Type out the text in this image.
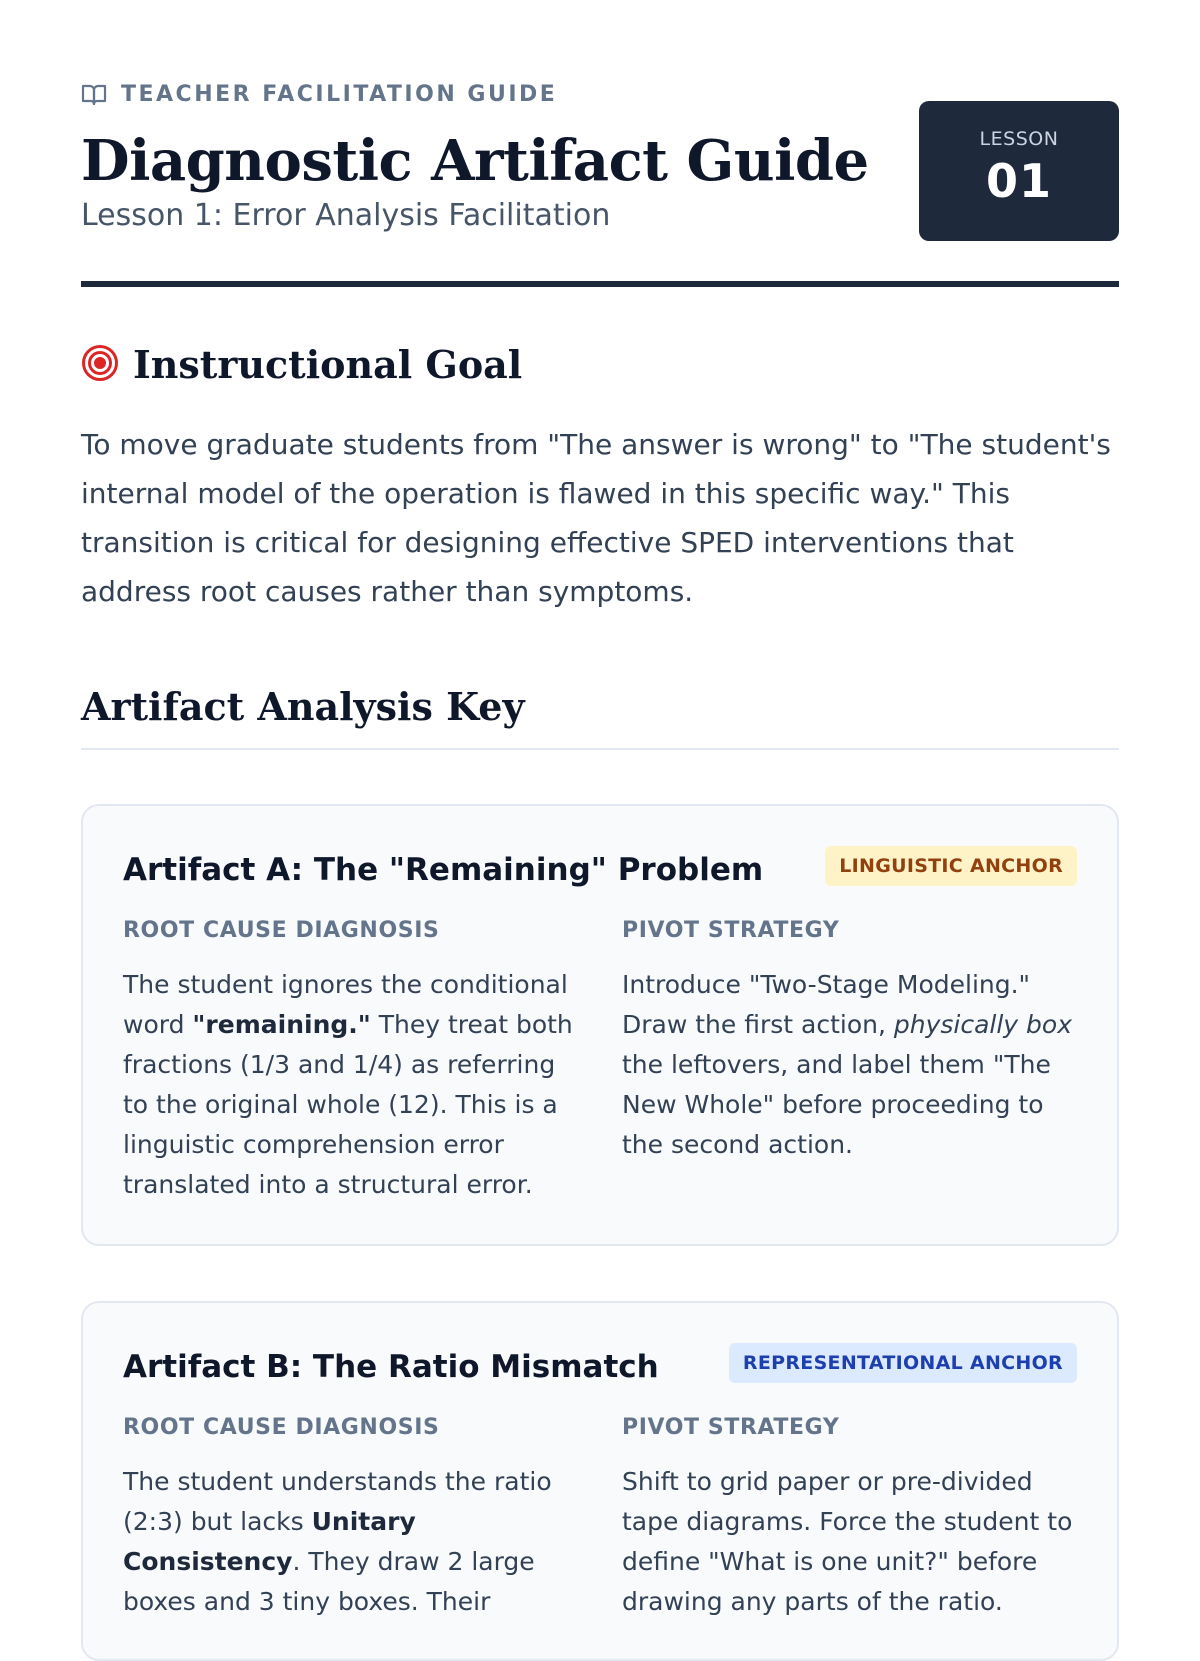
TEACHER FACILITATION GUIDE
Diagnostic Artifact Guide
Lesson 1: Error Analysis Facilitation
LESSON
01
Instructional Goal

To move graduate students from "The answer is wrong" to "The student's internal model of the operation is flawed in this specific way." This transition is critical for designing effective SPED interventions that address root causes rather than symptoms.

Artifact Analysis Key
Artifact A: The "Remaining" Problem	LINGUISTIC ANCHOR
ROOT CAUSE DIAGNOSIS

The student ignores the conditional word "remaining." They treat both fractions (1/3 and 1/4) as referring to the original whole (12). This is a linguistic comprehension error translated into a structural error.

PIVOT STRATEGY

Introduce "Two-Stage Modeling." Draw the first action, physically box the leftovers, and label them "The New Whole" before proceeding to the second action.

Artifact B: The Ratio Mismatch	REPRESENTATIONAL ANCHOR
ROOT CAUSE DIAGNOSIS

The student understands the ratio (2:3) but lacks Unitary Consistency. They draw 2 large boxes and 3 tiny boxes. Their

PIVOT STRATEGY

Shift to grid paper or pre-divided tape diagrams. Force the student to define "What is one unit?" before drawing any parts of the ratio.
